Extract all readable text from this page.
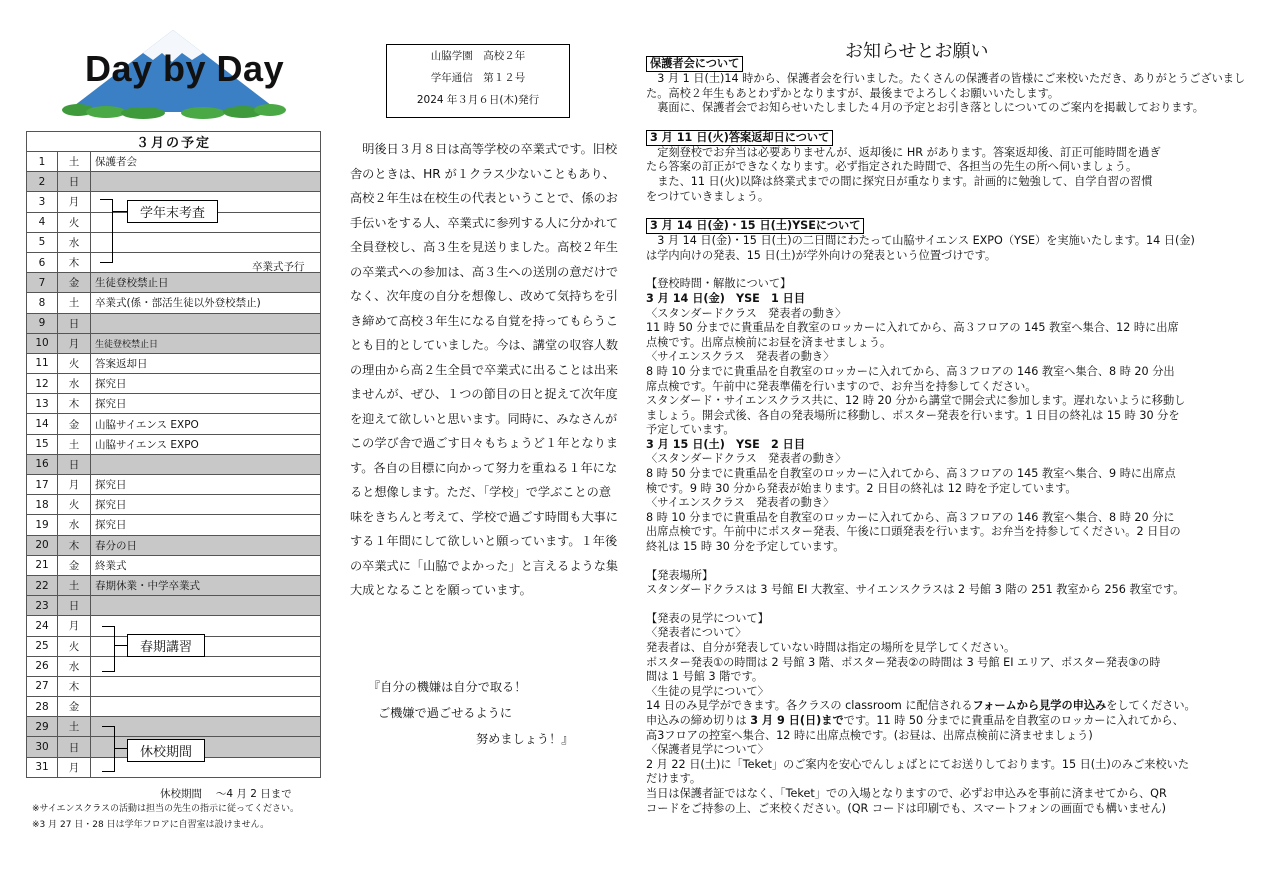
Day by Day	山脇学園　高校２年
学年通信　第１２号
2024 年３月６日(木)発行
３月の予定		
1	土	保護者会
2	日	
3	月	
4	火	
5	水	
6	木	
7	金	生徒登校禁止日
8	土	卒業式(係・部活生徒以外登校禁止)
9	日	
10	月	生徒登校禁止日
11	火	答案返却日
12	水	探究日
13	木	探究日
14	金	山脇サイエンス EXPO
15	土	山脇サイエンス EXPO
16	日	
17	月	探究日
18	火	探究日
19	水	探究日
20	木	春分の日
21	金	終業式
22	土	春期休業・中学卒業式
23	日	
24	月	
25	火	
26	水	
27	木	
28	金	
29	土	
30	日	
31	月	
卒業式予行
学年末考査
春期講習
休校期間
休校期間　 ～4 月 2 日まで
※サイエンスクラスの活動は担当の先生の指示に従ってください。
※3 月 27 日・28 日は学年フロアに自習室は設けません。

明後日３月８日は高等学校の卒業式です。旧校舎のときは、HR が１クラス少ないこともあり、高校２年生は在校生の代表ということで、係のお手伝いをする人、卒業式に参列する人に分かれて全員登校し、高３生を見送りました。高校２年生の卒業式への参加は、高３生への送別の意だけでなく、次年度の自分を想像し、改めて気持ちを引き締めて高校３年生になる自覚を持ってもらうことも目的としていました。今は、講堂の収容人数の理由から高２生全員で卒業式に出ることは出来ませんが、ぜひ、１つの節目の日と捉えて次年度を迎えて欲しいと思います。同時に、みなさんがこの学び舎で過ごす日々もちょうど１年となります。各自の目標に向かって努力を重ねる１年になると想像します。ただ、「学校」で学ぶことの意味をきちんと考えて、学校で過ごす時間も大事にする１年間にして欲しいと願っています。１年後の卒業式に「山脇でよかった」と言えるような集大成となることを願っています。

『自分の機嫌は自分で取る！
ご機嫌で過ごせるように
努めましょう！』
お知らせとお願い
保護者会について
3 月 1 日(土)14 時から、保護者会を行いました。たくさんの保護者の皆様にご来校いただき、ありがとうございまし
た。高校２年生もあとわずかとなりますが、最後までよろしくお願いいたします。
裏面に、保護者会でお知らせいたしました４月の予定とお引き落としについてのご案内を掲載しております。
3 月 11 日(火)答案返却日について
定刻登校でお弁当は必要ありませんが、返却後に HR があります。答案返却後、訂正可能時間を過ぎ
たら答案の訂正ができなくなります。必ず指定された時間で、各担当の先生の所へ伺いましょう。
また、11 日(火)以降は終業式までの間に探究日が重なります。計画的に勉強して、自学自習の習慣
をつけていきましょう。
3 月 14 日(金)・15 日(土)YSEについて
3 月 14 日(金)・15 日(土)の二日間にわたって山脇サイエンス EXPO（YSE）を実施いたします。14 日(金)
は学内向けの発表、15 日(土)が学外向けの発表という位置づけです。
【登校時間・解散について】
3 月 14 日(金)　YSE　1 日目
〈スタンダードクラス　発表者の動き〉
11 時 50 分までに貴重品を自教室のロッカーに入れてから、高３フロアの 145 教室へ集合、12 時に出席
点検です。出席点検前にお昼を済ませましょう。
〈サイエンスクラス　発表者の動き〉
8 時 10 分までに貴重品を自教室のロッカーに入れてから、高３フロアの 146 教室へ集合、8 時 20 分出
席点検です。午前中に発表準備を行いますので、お弁当を持参してください。
スタンダード・サイエンスクラス共に、12 時 20 分から講堂で開会式に参加します。遅れないように移動し
ましょう。開会式後、各自の発表場所に移動し、ポスター発表を行います。1 日目の終礼は 15 時 30 分を
予定しています。
3 月 15 日(土)　YSE　2 日目
〈スタンダードクラス　発表者の動き〉
8 時 50 分までに貴重品を自教室のロッカーに入れてから、高３フロアの 145 教室へ集合、9 時に出席点
検です。9 時 30 分から発表が始まります。2 日目の終礼は 12 時を予定しています。
〈サイエンスクラス　発表者の動き〉
8 時 10 分までに貴重品を自教室のロッカーに入れてから、高３フロアの 146 教室へ集合、8 時 20 分に
出席点検です。午前中にポスター発表、午後に口頭発表を行います。お弁当を持参してください。2 日目の
終礼は 15 時 30 分を予定しています。
【発表場所】
スタンダードクラスは 3 号館 EI 大教室、サイエンスクラスは 2 号館 3 階の 251 教室から 256 教室です。
【発表の見学について】
〈発表者について〉
発表者は、自分が発表していない時間は指定の場所を見学してください。
ポスター発表①の時間は 2 号館 3 階、ポスター発表②の時間は 3 号館 EI エリア、ポスター発表③の時
間は 1 号館 3 階です。
〈生徒の見学について〉
14 日のみ見学ができます。各クラスの classroom に配信されるフォームから見学の申込みをしてください。
申込みの締め切りは 3 月 9 日(日)までです。11 時 50 分までに貴重品を自教室のロッカーに入れてから、
高3フロアの控室へ集合、12 時に出席点検です。(お昼は、出席点検前に済ませましょう)
〈保護者見学について〉
2 月 22 日(土)に「Teket」のご案内を安心でんしょばとにてお送りしております。15 日(土)のみご来校いた
だけます。
当日は保護者証ではなく、「Teket」での入場となりますので、必ずお申込みを事前に済ませてから、QR
コードをご持参の上、ご来校ください。(QR コードは印刷でも、スマートフォンの画面でも構いません)
